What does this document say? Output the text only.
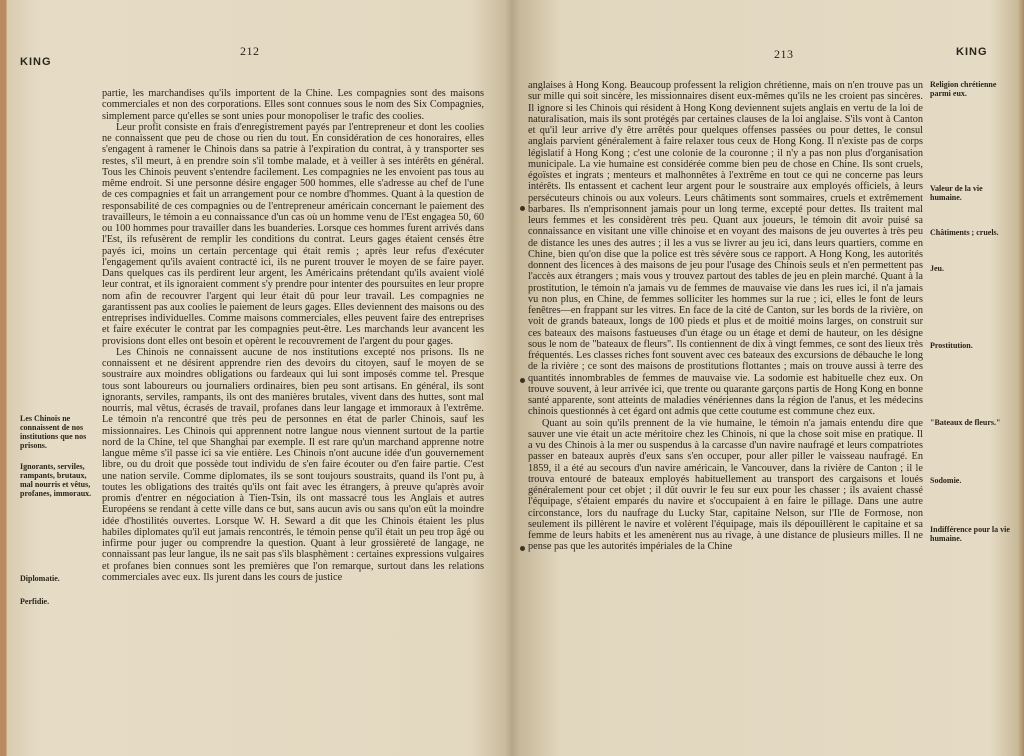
KING
212

partie, les marchandises qu'ils importent de la Chine. Les compagnies sont des maisons commerciales et non des corporations. Elles sont connues sous le nom des Six Compagnies, simplement parce qu'elles se sont unies pour monopoliser le trafic des coolies.

Leur profit consiste en frais d'enregistrement payés par l'entrepreneur et dont les coolies ne connaissent que peu de chose ou rien du tout. En considération de ces honoraires, elles s'engagent à ramener le Chinois dans sa patrie à l'expiration du contrat, à y transporter ses restes, s'il meurt, à en prendre soin s'il tombe malade, et à veiller à ses intérêts en général. Tous les Chinois peuvent s'entendre facilement. Les compagnies ne les envoient pas tous au même endroit. Si une personne désire engager 500 hommes, elle s'adresse au chef de l'une de ces compagnies et fait un arrangement pour ce nombre d'hommes. Quant à la question de responsabilité de ces compagnies ou de l'entrepreneur américain concernant le paiement des travailleurs, le témoin a eu connaissance d'un cas où un homme venu de l'Est engagea 50, 60 ou 100 hommes pour travailler dans les buanderies. Lorsque ces hommes furent arrivés dans l'Est, ils refusèrent de remplir les conditions du contrat. Leurs gages étaient censés être payés ici, moins un certain percentage qui était remis ; après leur refus d'exécuter l'engagement qu'ils avaient contracté ici, ils ne purent trouver le moyen de se faire payer. Dans quelques cas ils perdirent leur argent, les Américains prétendant qu'ils avaient violé leur contrat, et ils ignoraient comment s'y prendre pour intenter des poursuites en leur propre nom afin de recouvrer l'argent qui leur était dû pour leur travail. Les compagnies ne garantissent pas aux coolies le paiement de leurs gages. Elles deviennent des maisons ou des entreprises individuelles. Comme maisons commerciales, elles peuvent faire des entreprises et faire exécuter le contrat par les compagnies peut-être. Les marchands leur avancent les provisions dont elles ont besoin et opèrent le recouvrement de l'argent du pour gages.

Les Chinois ne connaissent aucune de nos institutions excepté nos prisons. Ils ne connaissent et ne désirent apprendre rien des devoirs du citoyen, sauf le moyen de se soustraire aux moindres obligations ou fardeaux qui lui sont imposés comme tel. Presque tous sont laboureurs ou journaliers ordinaires, bien peu sont artisans. En général, ils sont ignorants, serviles, rampants, ils ont des manières brutales, vivent dans des huttes, sont mal nourris, mal vêtus, écrasés de travail, profanes dans leur langage et immoraux à l'extrême. Le témoin n'a rencontré que très peu de personnes en état de parler Chinois, sauf les missionnaires. Les Chinois qui apprennent notre langue nous viennent surtout de la partie nord de la Chine, tel que Shanghai par exemple. Il est rare qu'un marchand apprenne notre langue même s'il passe ici sa vie entière. Les Chinois n'ont aucune idée d'un gouvernement libre, ou du droit que possède tout individu de s'en faire écouter ou d'en faire partie. C'est une nation servile. Comme diplomates, ils se sont toujours soustraits, quand ils l'ont pu, à toutes les obligations des traités qu'ils ont fait avec les étrangers, à preuve qu'après avoir promis d'entrer en négociation à Tien-Tsin, ils ont massacré tous les Anglais et autres Européens se rendant à cette ville dans ce but, sans aucun avis ou sans qu'on eût la moindre idée d'hostilités ouvertes. Lorsque W. H. Seward a dit que les Chinois étaient les plus habiles diplomates qu'il eut jamais rencontrés, le témoin pense qu'il était un peu trop âgé ou infirme pour juger ou comprendre la question. Quant à leur grossièreté de langage, ne connaissant pas leur langue, ils ne sait pas s'ils blasphèment : certaines expressions vulgaires et profanes bien connues sont les premières que l'on remarque, surtout dans les relations commerciales avec eux. Ils jurent dans les cours de justice

Les Chinois ne connaissent de nos institutions que nos prisons.
Ignorants, serviles, rampants, brutaux, mal nourris et vêtus, profanes, immoraux.
Diplomatie.
Perfidie.
213	KING

anglaises à Hong Kong. Beaucoup professent la religion chrétienne, mais on n'en trouve pas un sur mille qui soit sincère, les missionnaires disent eux-mêmes qu'ils ne les croient pas sincères. Il ignore si les Chinois qui résident à Hong Kong deviennent sujets anglais en vertu de la loi de naturalisation, mais ils sont protégés par certaines clauses de la loi anglaise. S'ils vont à Canton et qu'il leur arrive d'y être arrêtés pour quelques offenses passées ou pour dettes, le consul anglais parvient généralement à faire relaxer tous ceux de Hong Kong. Il n'existe pas de corps législatif à Hong Kong ; c'est une colonie de la couronne ; il n'y a pas non plus d'organisation municipale. La vie humaine est considérée comme bien peu de chose en Chine. Ils sont cruels, égoïstes et ingrats ; menteurs et malhonnêtes à l'extrême en tout ce qui ne concerne pas leurs intérêts. Ils entassent et cachent leur argent pour le soustraire aux employés officiels, à leurs persécuteurs chinois ou aux voleurs. Leurs châtiments sont sommaires, cruels et extrêmement barbares. Ils n'emprisonnent jamais pour un long terme, excepté pour dettes. Ils traitent mal leurs femmes et les considèrent très peu. Quant aux joueurs, le témoin dit avoir puisé sa connaissance en visitant une ville chinoise et en voyant des maisons de jeu ouvertes à très peu de distance les unes des autres ; il les a vus se livrer au jeu ici, dans leurs quartiers, comme en Chine, bien qu'on dise que la police est très sévère sous ce rapport. A Hong Kong, les autorités donnent des licences à des maisons de jeu pour l'usage des Chinois seuls et n'en permettent pas l'accès aux étrangers ; mais vous y trouvez partout des tables de jeu en plein marché. Quant à la prostitution, le témoin n'a jamais vu de femmes de mauvaise vie dans les rues ici, il n'a jamais vu non plus, en Chine, de femmes solliciter les hommes sur la rue ; ici, elles le font de leurs fenêtres—en frappant sur les vitres. En face de la cité de Canton, sur les bords de la rivière, on voit de grands bateaux, longs de 100 pieds et plus et de moitié moins larges, on construit sur ces bateaux des maisons fastueuses d'un étage ou un étage et demi de hauteur, on les désigne sous le nom de "bateaux de fleurs". Ils contiennent de dix à vingt femmes, ce sont des lieux très fréquentés. Les classes riches font souvent avec ces bateaux des excursions de débauche le long de la rivière ; ce sont des maisons de prostitutions flottantes ; mais on trouve aussi à terre des quantités innombrables de femmes de mauvaise vie. La sodomie est habituelle chez eux. On trouve souvent, à leur arrivée ici, que trente ou quarante garçons partis de Hong Kong en bonne santé apparente, sont atteints de maladies vénériennes dans la région de l'anus, et les médecins chinois questionnés à cet égard ont admis que cette coutume est commune chez eux.

Quant au soin qu'ils prennent de la vie humaine, le témoin n'a jamais entendu dire que sauver une vie était un acte méritoire chez les Chinois, ni que la chose soit mise en pratique. Il a vu des Chinois à la mer ou suspendus à la carcasse d'un navire naufragé et leurs compatriotes passer en bateaux auprès d'eux sans s'en occuper, pour aller piller le vaisseau naufragé. En 1859, il a été au secours d'un navire américain, le Vancouver, dans la rivière de Canton ; il le trouva entouré de bateaux employés habituellement au transport des cargaisons et loués généralement pour cet objet ; il dût ouvrir le feu sur eux pour les chasser ; ils avaient chassé l'équipage, s'étaient emparés du navire et s'occupaient à en faire le pillage. Dans une autre circonstance, lors du naufrage du Lucky Star, capitaine Nelson, sur l'Ile de Formose, non seulement ils pillèrent le navire et volèrent l'équipage, mais ils dépouillèrent le capitaine et sa femme de leurs habits et les amenèrent nus au rivage, à une distance de plusieurs milles. Il ne pense pas que les autorités impériales de la Chine

Religion chrétienne parmi eux.
Valeur de la vie humaine.
Châtiments ; cruels.
Jeu.
Prostitution.
"Bateaux de fleurs."
Sodomie.
Indifférence pour la vie humaine.
